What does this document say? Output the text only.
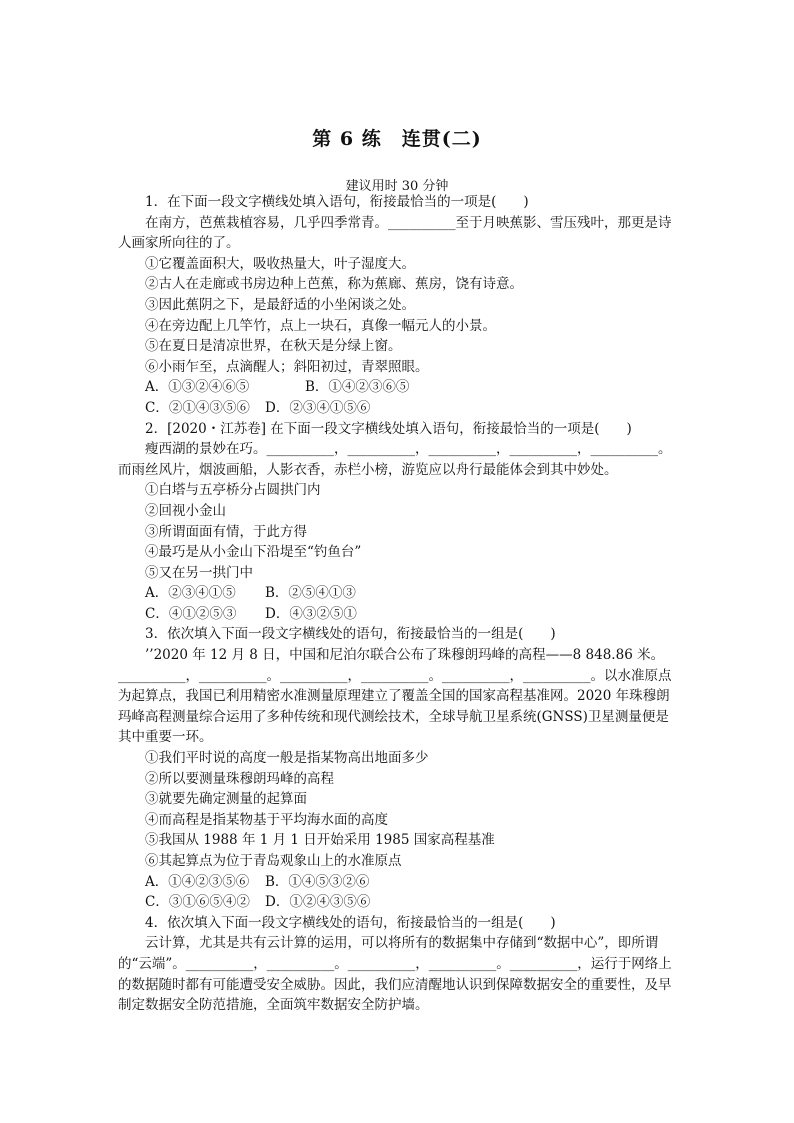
第 6 练　连贯(二)
建议用时 30 分钟

1．在下面一段文字横线处填入语句，衔接最恰当的一项是(　　)

在南方，芭蕉栽植容易，几乎四季常青。__________至于月映蕉影、雪压残叶，那更是诗人画家所向往的了。

①它覆盖面积大，吸收热量大，叶子湿度大。

②古人在走廊或书房边种上芭蕉，称为蕉廊、蕉房，饶有诗意。

③因此蕉阴之下，是最舒适的小坐闲谈之处。

④在旁边配上几竿竹，点上一块石，真像一幅元人的小景。

⑤在夏日是清凉世界，在秋天是分绿上窗。

⑥小雨乍至，点滴醒人；斜阳初过，青翠照眼。

A．①③②④⑥⑤	B．①④②③⑥⑤

C．②①④③⑤⑥ D．②③④①⑤⑥

2．[2020・江苏卷] 在下面一段文字横线处填入语句，衔接最恰当的一项是(　　)

瘦西湖的景妙在巧。__________，__________，__________，__________，__________。而雨丝风片，烟波画船，人影衣香，赤栏小榜，游览应以舟行最能体会到其中妙处。

①白塔与五亭桥分占圆拱门内

②回视小金山

③所谓面面有情，于此方得

④最巧是从小金山下沿堤至“钓鱼台”

⑤又在另一拱门中

A．②③④①⑤ B．②⑤④①③

C．④①②⑤③ D．④③②⑤①

3．依次填入下面一段文字横线处的语句，衔接最恰当的一组是(　　)

’’2020 年 12 月 8 日，中国和尼泊尔联合公布了珠穆朗玛峰的高程——8 848.86 米。__________，__________。__________，__________。__________，__________。以水准原点为起算点，我国已利用精密水准测量原理建立了覆盖全国的国家高程基准网。2020 年珠穆朗玛峰高程测量综合运用了多种传统和现代测绘技术，全球导航卫星系统(GNSS)卫星测量便是其中重要一环。

①我们平时说的高度一般是指某物高出地面多少

②所以要测量珠穆朗玛峰的高程

③就要先确定测量的起算面

④而高程是指某物基于平均海水面的高度

⑤我国从 1988 年 1 月 1 日开始采用 1985 国家高程基准

⑥其起算点为位于青岛观象山上的水准原点

A．①④②③⑤⑥ B．①④⑤③②⑥

C．③①⑥⑤④② D．①②④③⑤⑥

4．依次填入下面一段文字横线处的语句，衔接最恰当的一组是(　　)

云计算，尤其是共有云计算的运用，可以将所有的数据集中存储到“数据中心”，即所谓的“云端”。__________，__________。__________，__________。__________，运行于网络上的数据随时都有可能遭受安全威胁。因此，我们应清醒地认识到保障数据安全的重要性，及早制定数据安全防范措施，全面筑牢数据安全防护墙。
